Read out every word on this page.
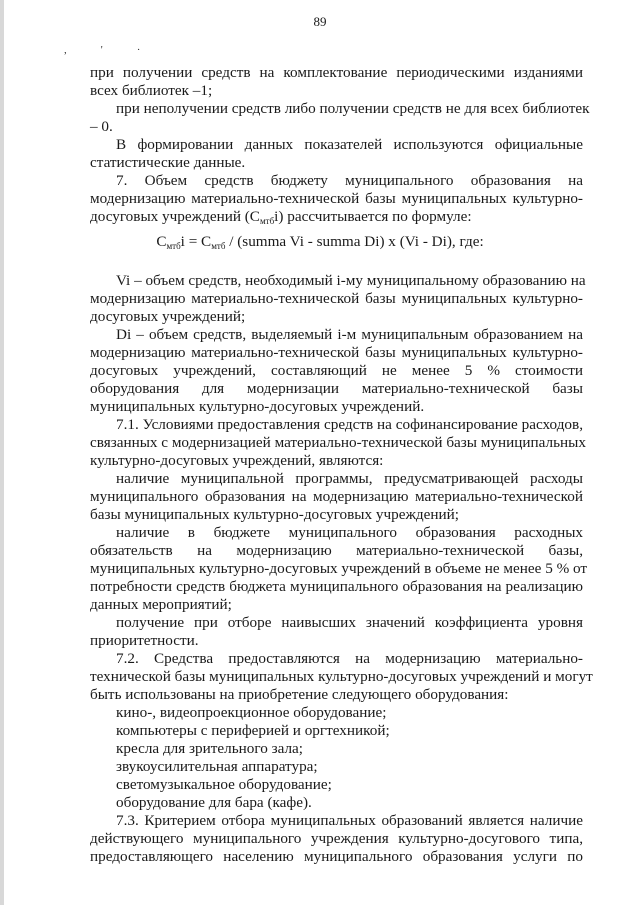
89
,	'	·
при получении средств на комплектование периодическими изданиями
всех библиотек –1;
при неполучении средств либо получении средств не для всех библиотек
– 0.
В формировании данных показателей используются официальные
статистические данные.
7. Объем средств бюджету муниципального образования на
модернизацию материально-технической базы муниципальных культурно-
досуговых учреждений $(С_{мтб}i)$ рассчитывается по формуле:
$С_{мтб}i = С_{мтб}$ / (summa Vi - summa Di) x (Vi - Di), где:
Vi – объем средств, необходимый i-му муниципальному образованию на
модернизацию материально-технической базы муниципальных культурно-
досуговых учреждений;
Di – объем средств, выделяемый i-м муниципальным образованием на
модернизацию материально-технической базы муниципальных культурно-
досуговых учреждений, составляющий не менее 5 % стоимости
оборудования для модернизации материально-технической базы
муниципальных культурно-досуговых учреждений.
7.1. Условиями предоставления средств на софинансирование расходов,
связанных с модернизацией материально-технической базы муниципальных
культурно-досуговых учреждений, являются:
наличие муниципальной программы, предусматривающей расходы
муниципального образования на модернизацию материально-технической
базы муниципальных культурно-досуговых учреждений;
наличие в бюджете муниципального образования расходных
обязательств на модернизацию материально-технической базы,
муниципальных культурно-досуговых учреждений в объеме не менее 5 % от
потребности средств бюджета муниципального образования на реализацию
данных мероприятий;
получение при отборе наивысших значений коэффициента уровня
приоритетности.
7.2. Средства предоставляются на модернизацию материально-
технической базы муниципальных культурно-досуговых учреждений и могут
быть использованы на приобретение следующего оборудования:
кино-, видеопроекционное оборудование;
компьютеры с периферией и оргтехникой;
кресла для зрительного зала;
звукоусилительная аппаратура;
светомузыкальное оборудование;
оборудование для бара (кафе).
7.3. Критерием отбора муниципальных образований является наличие
действующего муниципального учреждения культурно-досугового типа,
предоставляющего населению муниципального образования услуги по
